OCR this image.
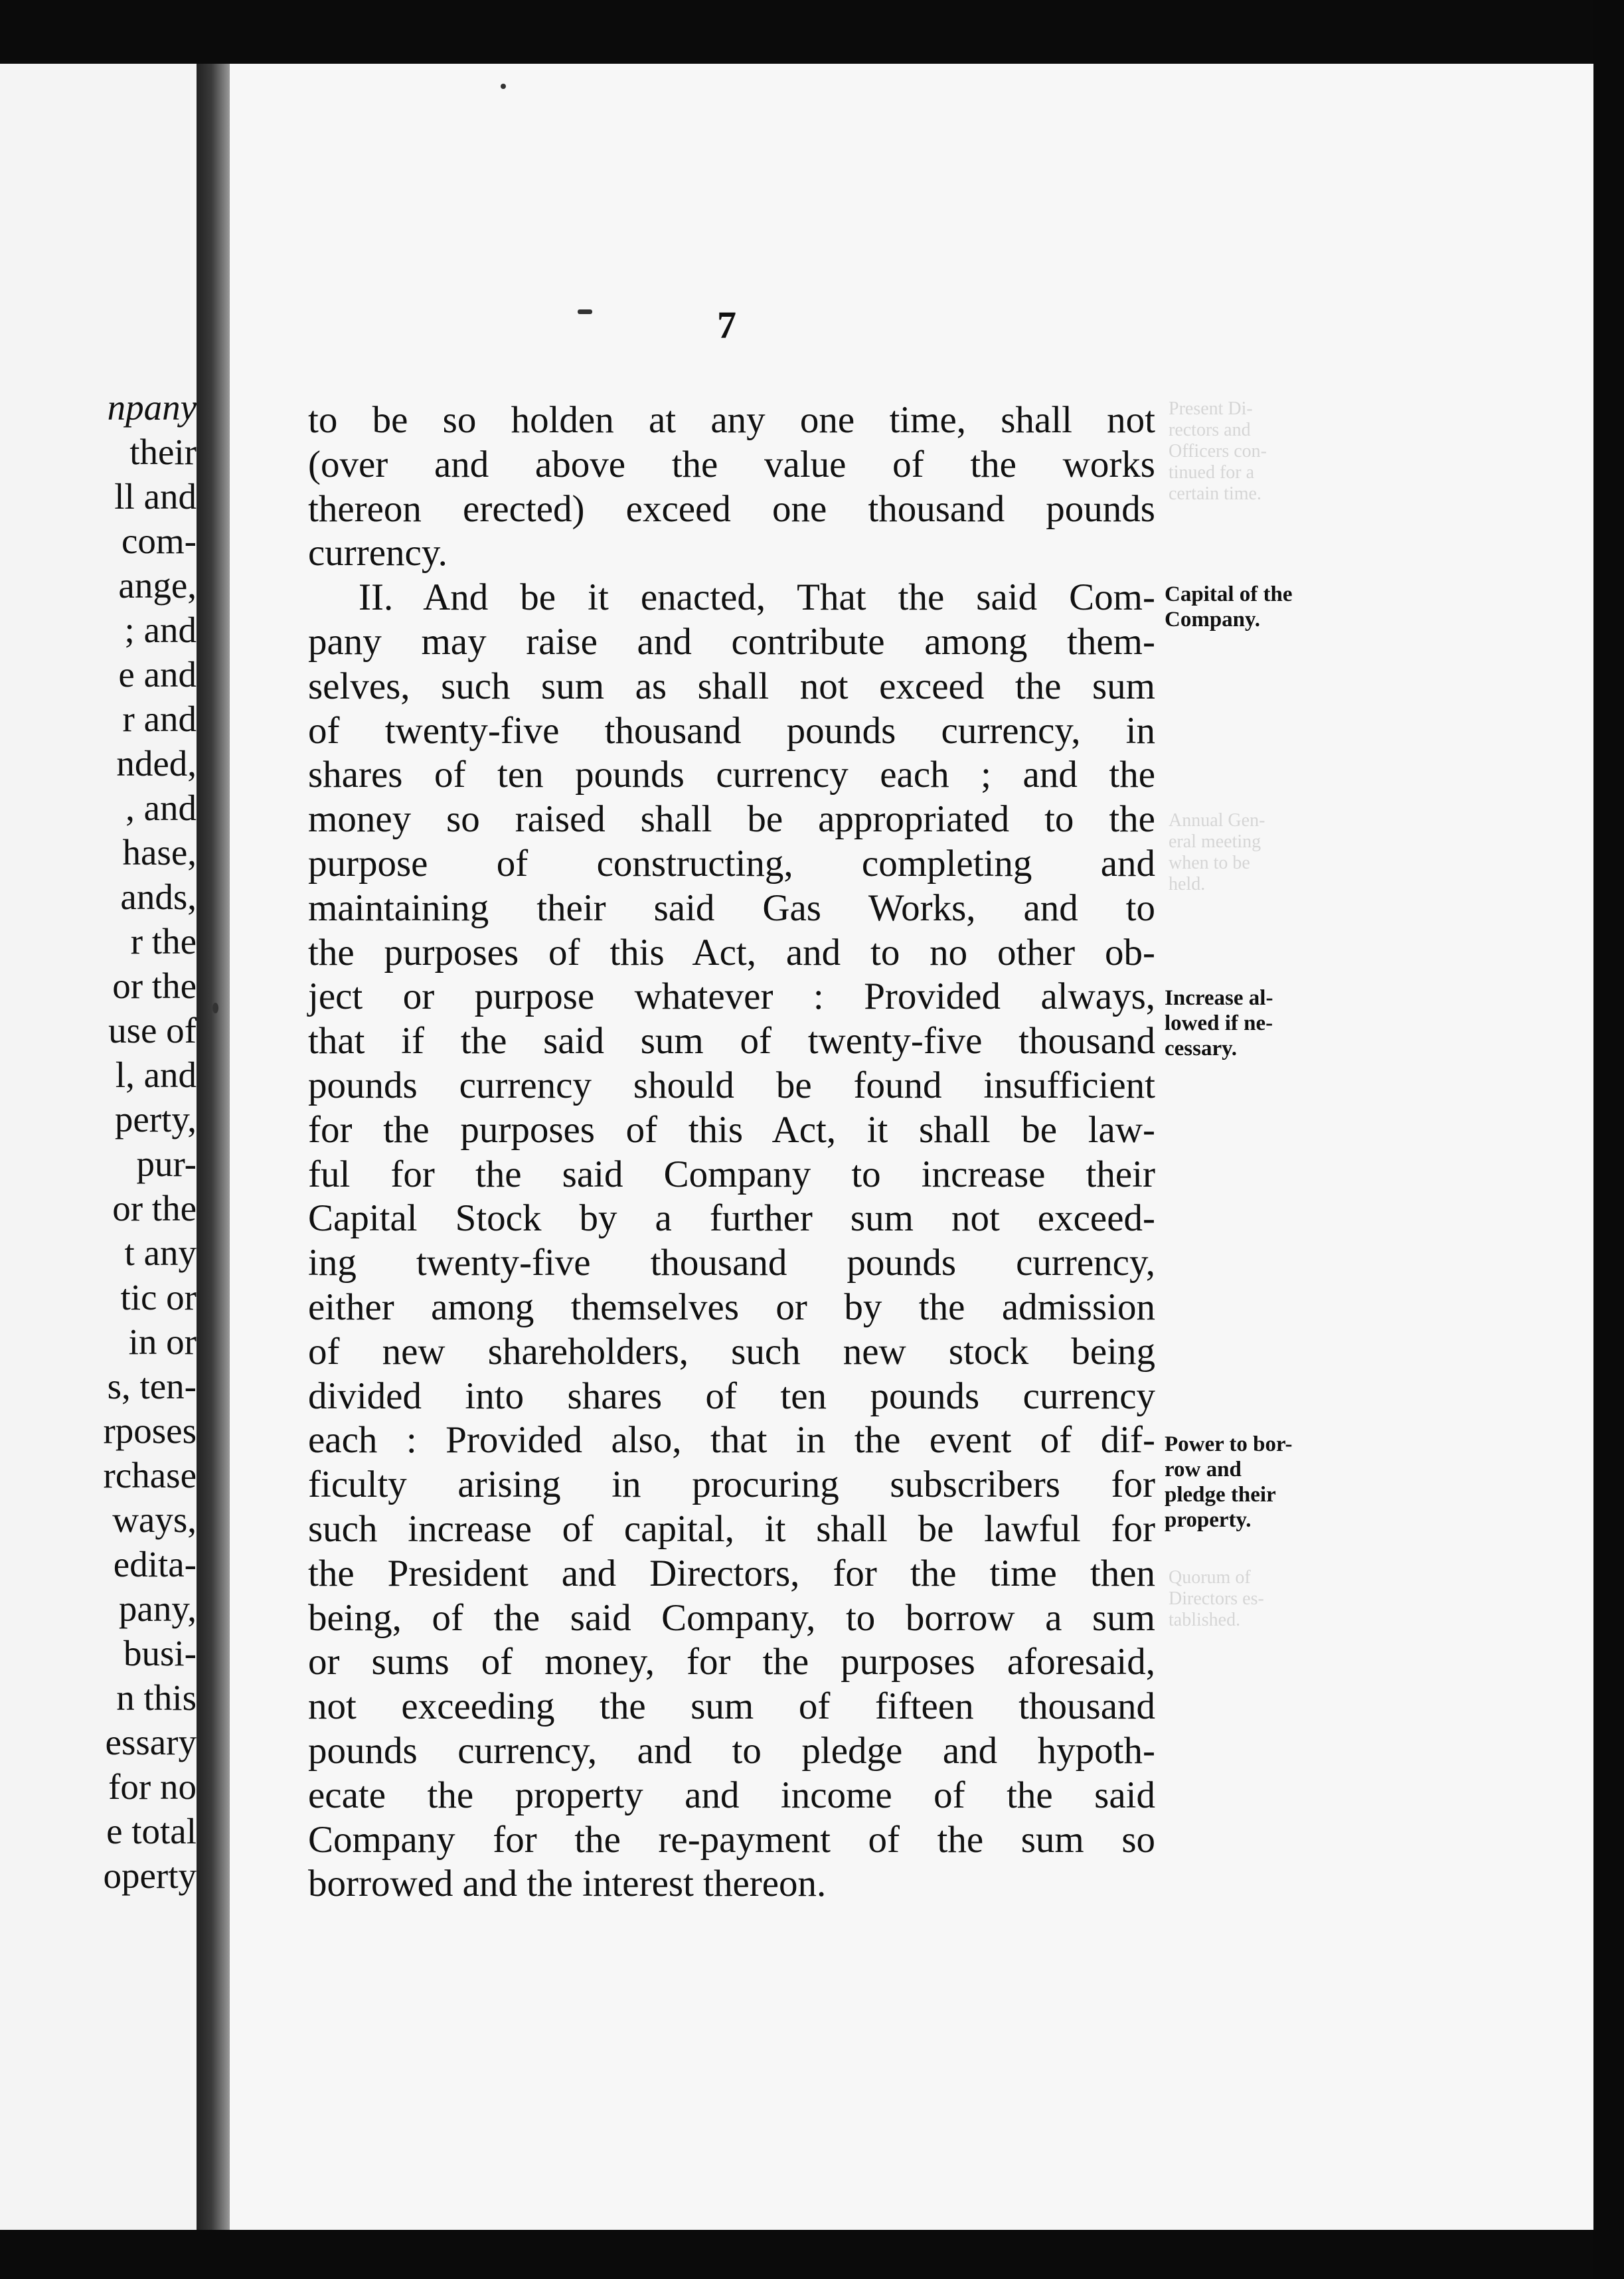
npany
their
ll and
com-
ange,
; and
e and
r and
nded,
, and
hase,
ands,
r the
or the
use of
l, and
perty,
pur-
or the
t any
tic or
in or
s, ten-
rposes
rchase
ways,
edita-
pany,
busi-
n this
essary
for no
e total
operty
7
Present Di-
rectors and
Officers con-
tinued for a
certain time.
Annual Gen-
eral meeting
when to be
held.
Quorum of
Directors es-
tablished.
to be so holden at any one time, shall not
(over and above the value of the works
thereon erected) exceed one thousand pounds
currency.
II. And be it enacted, That the said Com-
pany may raise and contribute among them-
selves, such sum as shall not exceed the sum
of twenty-five thousand pounds currency, in
shares of ten pounds currency each ; and the
money so raised shall be appropriated to the
purpose of constructing, completing and
maintaining their said Gas Works, and to
the purposes of this Act, and to no other ob-
ject or purpose whatever : Provided always,
that if the said sum of twenty-five thousand
pounds currency should be found insufficient
for the purposes of this Act, it shall be law-
ful for the said Company to increase their
Capital Stock by a further sum not exceed-
ing twenty-five thousand pounds currency,
either among themselves or by the admission
of new shareholders, such new stock being
divided into shares of ten pounds currency
each : Provided also, that in the event of dif-
ficulty arising in procuring subscribers for
such increase of capital, it shall be lawful for
the President and Directors, for the time then
being, of the said Company, to borrow a sum
or sums of money, for the purposes aforesaid,
not exceeding the sum of fifteen thousand
pounds currency, and to pledge and hypoth-
ecate the property and income of the said
Company for the re-payment of the sum so
borrowed and the interest thereon.
Capital of the
Company.
Increase al-
lowed if ne-
cessary.
Power to bor-
row and
pledge their
property.
